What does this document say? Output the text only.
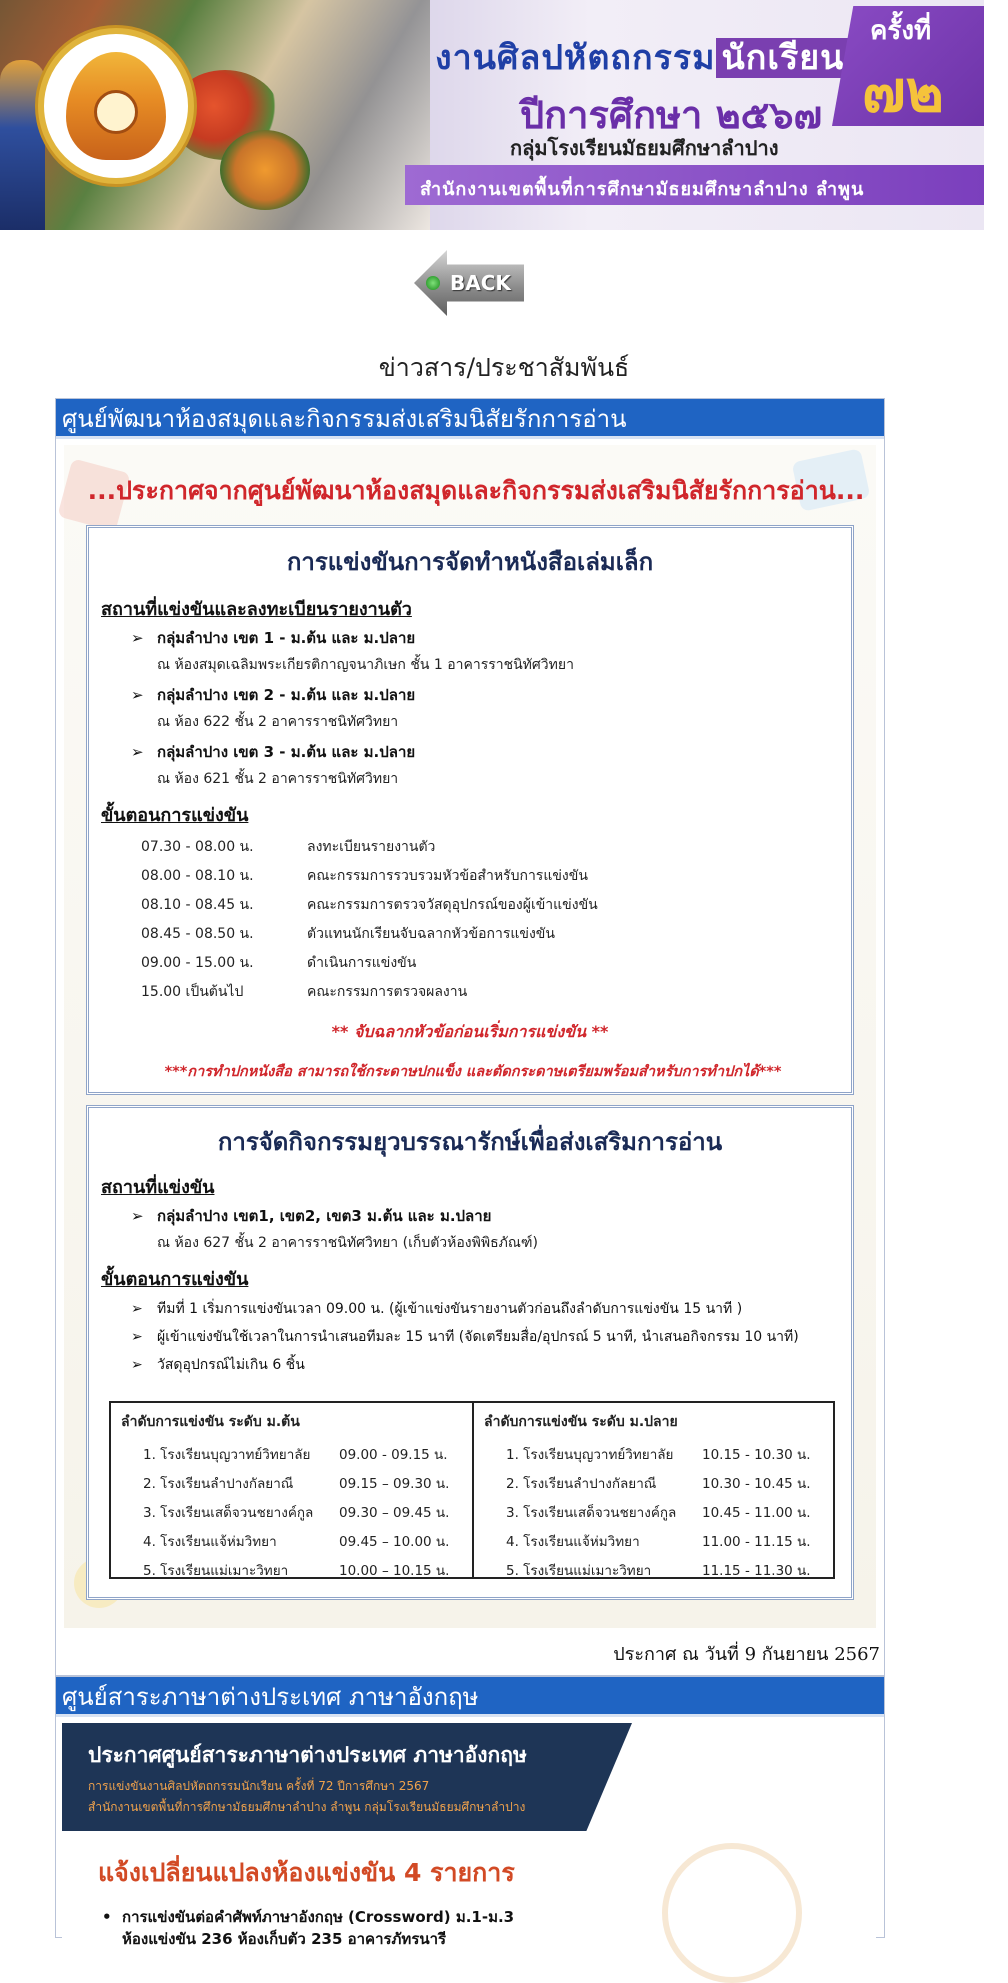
งานศิลปหัตถกรรม นักเรียน
ปีการศึกษา ๒๕๖๗
กลุ่มโรงเรียนมัธยมศึกษาลำปาง
ครั้งที่
๗๒
สำนักงานเขตพื้นที่การศึกษามัธยมศึกษาลำปาง ลำพูน
BACK
ข่าวสาร/ประชาสัมพันธ์
ศูนย์พัฒนาห้องสมุดและกิจกรรมส่งเสริมนิสัยรักการอ่าน
...ประกาศจากศูนย์พัฒนาห้องสมุดและกิจกรรมส่งเสริมนิสัยรักการอ่าน...
การแข่งขันการจัดทำหนังสือเล่มเล็ก
สถานที่แข่งขันและลงทะเบียนรายงานตัว
➢ กลุ่มลำปาง เขต 1 - ม.ต้น และ ม.ปลาย
ณ ห้องสมุดเฉลิมพระเกียรติกาญจนาภิเษก ชั้น 1 อาคารราชนิทัศวิทยา
➢ กลุ่มลำปาง เขต 2 - ม.ต้น และ ม.ปลาย
ณ ห้อง 622 ชั้น 2 อาคารราชนิทัศวิทยา
➢ กลุ่มลำปาง เขต 3 - ม.ต้น และ ม.ปลาย
ณ ห้อง 621 ชั้น 2 อาคารราชนิทัศวิทยา
ขั้นตอนการแข่งขัน
07.30 - 08.00 น.	ลงทะเบียนรายงานตัว
08.00 - 08.10 น.	คณะกรรมการรวบรวมหัวข้อสำหรับการแข่งขัน
08.10 - 08.45 น.	คณะกรรมการตรวจวัสดุอุปกรณ์ของผู้เข้าแข่งขัน
08.45 - 08.50 น.	ตัวแทนนักเรียนจับฉลากหัวข้อการแข่งขัน
09.00 - 15.00 น.	ดำเนินการแข่งขัน
15.00 เป็นต้นไป	คณะกรรมการตรวจผลงาน
** จับฉลากหัวข้อก่อนเริ่มการแข่งขัน **
***การทำปกหนังสือ สามารถใช้กระดาษปกแข็ง และตัดกระดาษเตรียมพร้อมสำหรับการทำปกได้***
การจัดกิจกรรมยุวบรรณารักษ์เพื่อส่งเสริมการอ่าน
สถานที่แข่งขัน
➢ กลุ่มลำปาง เขต1, เขต2, เขต3 ม.ต้น และ ม.ปลาย
ณ ห้อง 627 ชั้น 2 อาคารราชนิทัศวิทยา (เก็บตัวห้องพิพิธภัณฑ์)
ขั้นตอนการแข่งขัน
➢ ทีมที่ 1 เริ่มการแข่งขันเวลา 09.00 น. (ผู้เข้าแข่งขันรายงานตัวก่อนถึงลำดับการแข่งขัน 15 นาที )
➢ ผู้เข้าแข่งขันใช้เวลาในการนำเสนอทีมละ 15 นาที (จัดเตรียมสื่อ/อุปกรณ์ 5 นาที, นำเสนอกิจกรรม 10 นาที)
➢ วัสดุอุปกรณ์ไม่เกิน 6 ชิ้น
ลำดับการแข่งขัน ระดับ ม.ต้น
1. โรงเรียนบุญวาทย์วิทยาลัย	09.00 - 09.15 น.
2. โรงเรียนลำปางกัลยาณี	09.15 – 09.30 น.
3. โรงเรียนเสด็จวนชยางค์กูล	09.30 – 09.45 น.
4. โรงเรียนแจ้ห่มวิทยา	09.45 – 10.00 น.
5. โรงเรียนแม่เมาะวิทยา	10.00 – 10.15 น.
ลำดับการแข่งขัน ระดับ ม.ปลาย
1. โรงเรียนบุญวาทย์วิทยาลัย	10.15 - 10.30 น.
2. โรงเรียนลำปางกัลยาณี	10.30 - 10.45 น.
3. โรงเรียนเสด็จวนชยางค์กูล	10.45 - 11.00 น.
4. โรงเรียนแจ้ห่มวิทยา	11.00 - 11.15 น.
5. โรงเรียนแม่เมาะวิทยา	11.15 - 11.30 น.
ประกาศ ณ วันที่ 9 กันยายน 2567
ศูนย์สาระภาษาต่างประเทศ ภาษาอังกฤษ
ประกาศศูนย์สาระภาษาต่างประเทศ ภาษาอังกฤษ
การแข่งขันงานศิลปหัตถกรรมนักเรียน ครั้งที่ 72 ปีการศึกษา 2567
สำนักงานเขตพื้นที่การศึกษามัธยมศึกษาลำปาง ลำพูน กลุ่มโรงเรียนมัธยมศึกษาลำปาง
แจ้งเปลี่ยนแปลงห้องแข่งขัน 4 รายการ
• การแข่งขันต่อคำศัพท์ภาษาอังกฤษ (Crossword) ม.1-ม.3
ห้องแข่งขัน 236 ห้องเก็บตัว 235 อาคารภัทรนารี
